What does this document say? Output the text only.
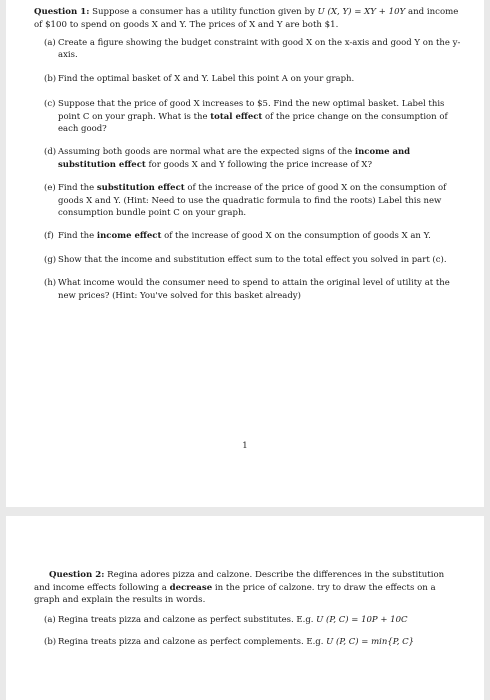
Question 1: Suppose a consumer has a utility function given by U (X, Y) = XY + 10Y and income of $100 to spend on goods X and Y. The prices of X and Y are both $1.

(a) Create a figure showing the budget constraint with good X on the x-axis and good Y on the y-axis.
(b) Find the optimal basket of X and Y. Label this point A on your graph.
(c) Suppose that the price of good X increases to $5. Find the new optimal basket. Label this point C on your graph. What is the total effect of the price change on the consumption of each good?
(d) Assuming both goods are normal what are the expected signs of the income and substitution effect for goods X and Y following the price increase of X?
(e) Find the substitution effect of the increase of the price of good X on the consumption of goods X and Y. (Hint: Need to use the quadratic formula to find the roots) Label this new consumption bundle point C on your graph.
(f) Find the income effect of the increase of good X on the consumption of goods X an Y.
(g) Show that the income and substitution effect sum to the total effect you solved in part (c).
(h) What income would the consumer need to spend to attain the original level of utility at the new prices? (Hint: You've solved for this basket already)
1

Question 2: Regina adores pizza and calzone. Describe the differences in the substitution and income effects following a decrease in the price of calzone. try to draw the effects on a graph and explain the results in words.

(a) Regina treats pizza and calzone as perfect substitutes. E.g. U (P, C) = 10P + 10C
(b) Regina treats pizza and calzone as perfect complements. E.g. U (P, C) = min{P, C}
